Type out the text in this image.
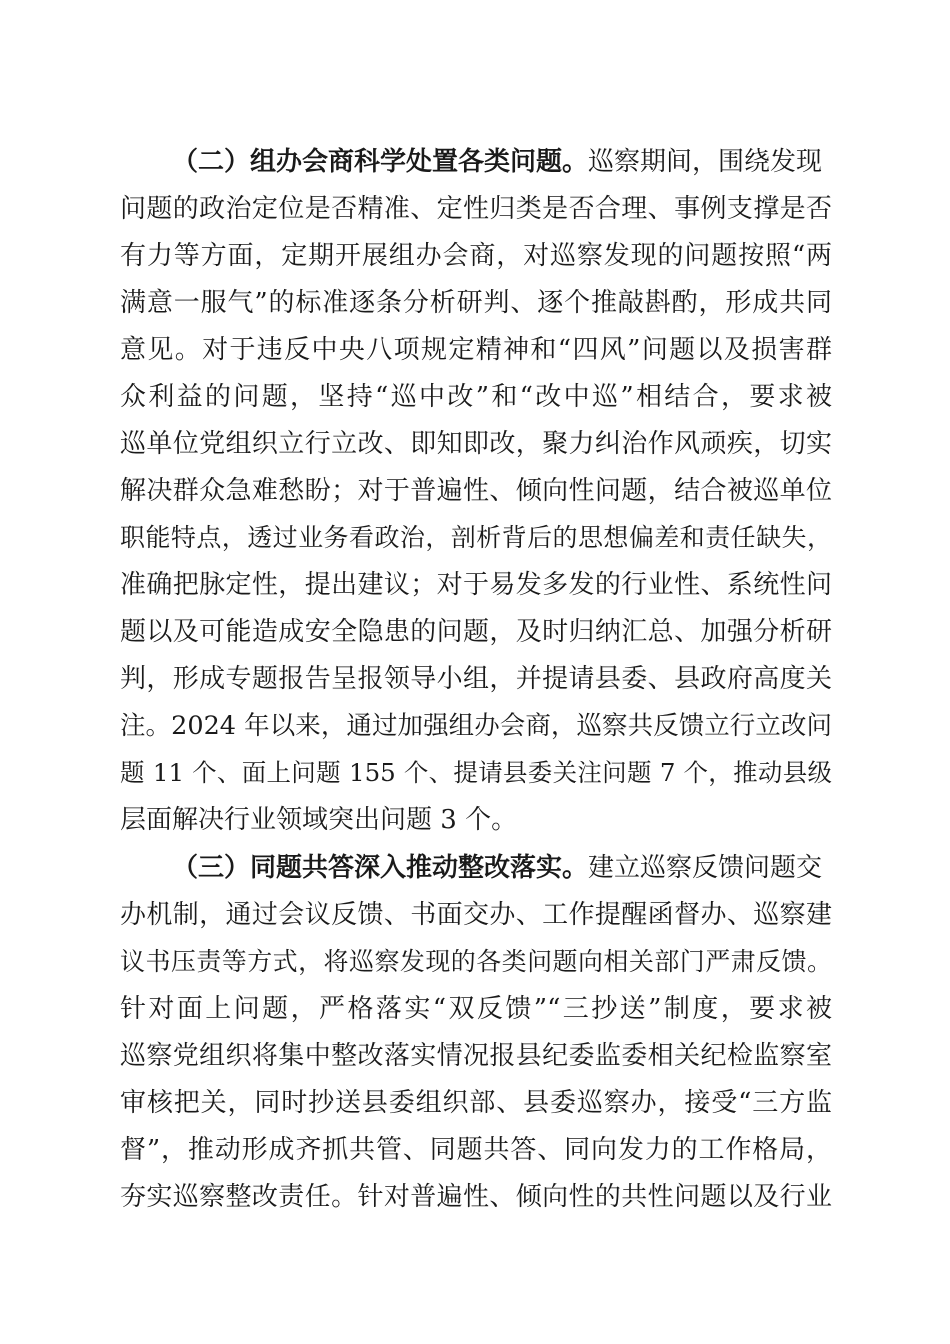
（二）组办会商科学处置各类问题。巡察期间，围绕发现
问题的政治定位是否精准、定性归类是否合理、事例支撑是否
有力等方面，定期开展组办会商，对巡察发现的问题按照“两
满意一服气”的标准逐条分析研判、逐个推敲斟酌，形成共同
意见。对于违反中央八项规定精神和“四风”问题以及损害群
众利益的问题，坚持“巡中改”和“改中巡”相结合，要求被
巡单位党组织立行立改、即知即改，聚力纠治作风顽疾，切实
解决群众急难愁盼；对于普遍性、倾向性问题，结合被巡单位
职能特点，透过业务看政治，剖析背后的思想偏差和责任缺失，
准确把脉定性，提出建议；对于易发多发的行业性、系统性问
题以及可能造成安全隐患的问题，及时归纳汇总、加强分析研
判，形成专题报告呈报领导小组，并提请县委、县政府高度关
注。2024 年以来，通过加强组办会商，巡察共反馈立行立改问
题 11 个、面上问题 155 个、提请县委关注问题 7 个，推动县级
层面解决行业领域突出问题 3 个。
（三）同题共答深入推动整改落实。建立巡察反馈问题交
办机制，通过会议反馈、书面交办、工作提醒函督办、巡察建
议书压责等方式，将巡察发现的各类问题向相关部门严肃反馈。
针对面上问题，严格落实“双反馈”“三抄送”制度，要求被
巡察党组织将集中整改落实情况报县纪委监委相关纪检监察室
审核把关，同时抄送县委组织部、县委巡察办，接受“三方监
督”，推动形成齐抓共管、同题共答、同向发力的工作格局，
夯实巡察整改责任。针对普遍性、倾向性的共性问题以及行业
